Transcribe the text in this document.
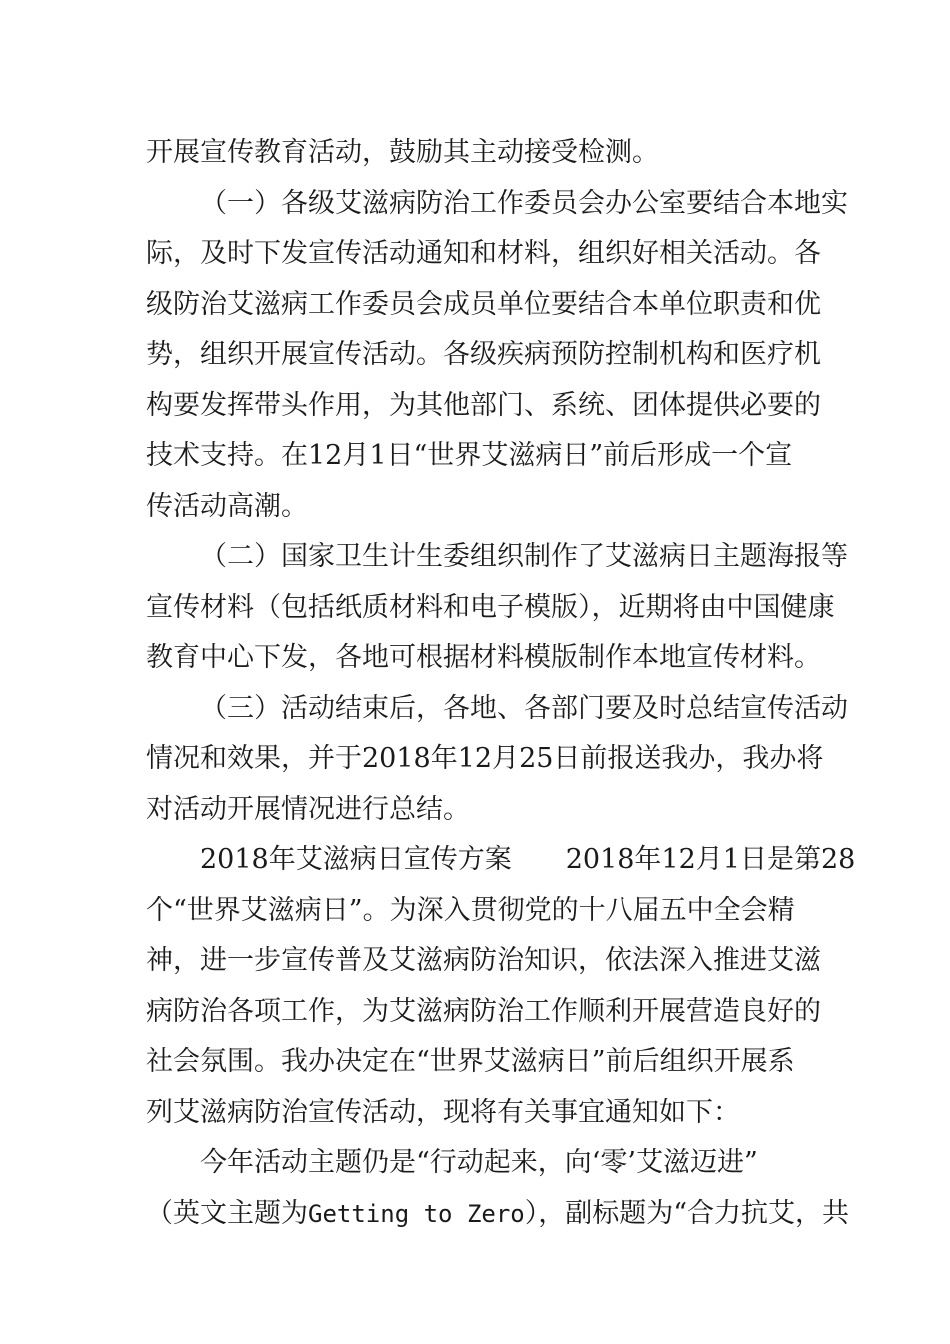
开展宣传教育活动，鼓励其主动接受检测。
（一）各级艾滋病防治工作委员会办公室要结合本地实
际，及时下发宣传活动通知和材料，组织好相关活动。各
级防治艾滋病工作委员会成员单位要结合本单位职责和优
势，组织开展宣传活动。各级疾病预防控制机构和医疗机
构要发挥带头作用，为其他部门、系统、团体提供必要的
技术支持。在12月1日“世界艾滋病日”前后形成一个宣
传活动高潮。
（二）国家卫生计生委组织制作了艾滋病日主题海报等
宣传材料（包括纸质材料和电子模版），近期将由中国健康
教育中心下发，各地可根据材料模版制作本地宣传材料。
（三）活动结束后，各地、各部门要及时总结宣传活动
情况和效果，并于2018年12月25日前报送我办，我办将
对活动开展情况进行总结。
2018年艾滋病日宣传方案　　2018年12月1日是第28
个“世界艾滋病日”。为深入贯彻党的十八届五中全会精
神，进一步宣传普及艾滋病防治知识，依法深入推进艾滋
病防治各项工作，为艾滋病防治工作顺利开展营造良好的
社会氛围。我办决定在“世界艾滋病日”前后组织开展系
列艾滋病防治宣传活动，现将有关事宜通知如下：
今年活动主题仍是“行动起来，向‘零’艾滋迈进”
（英文主题为Getting to Zero），副标题为“合力抗艾，共
